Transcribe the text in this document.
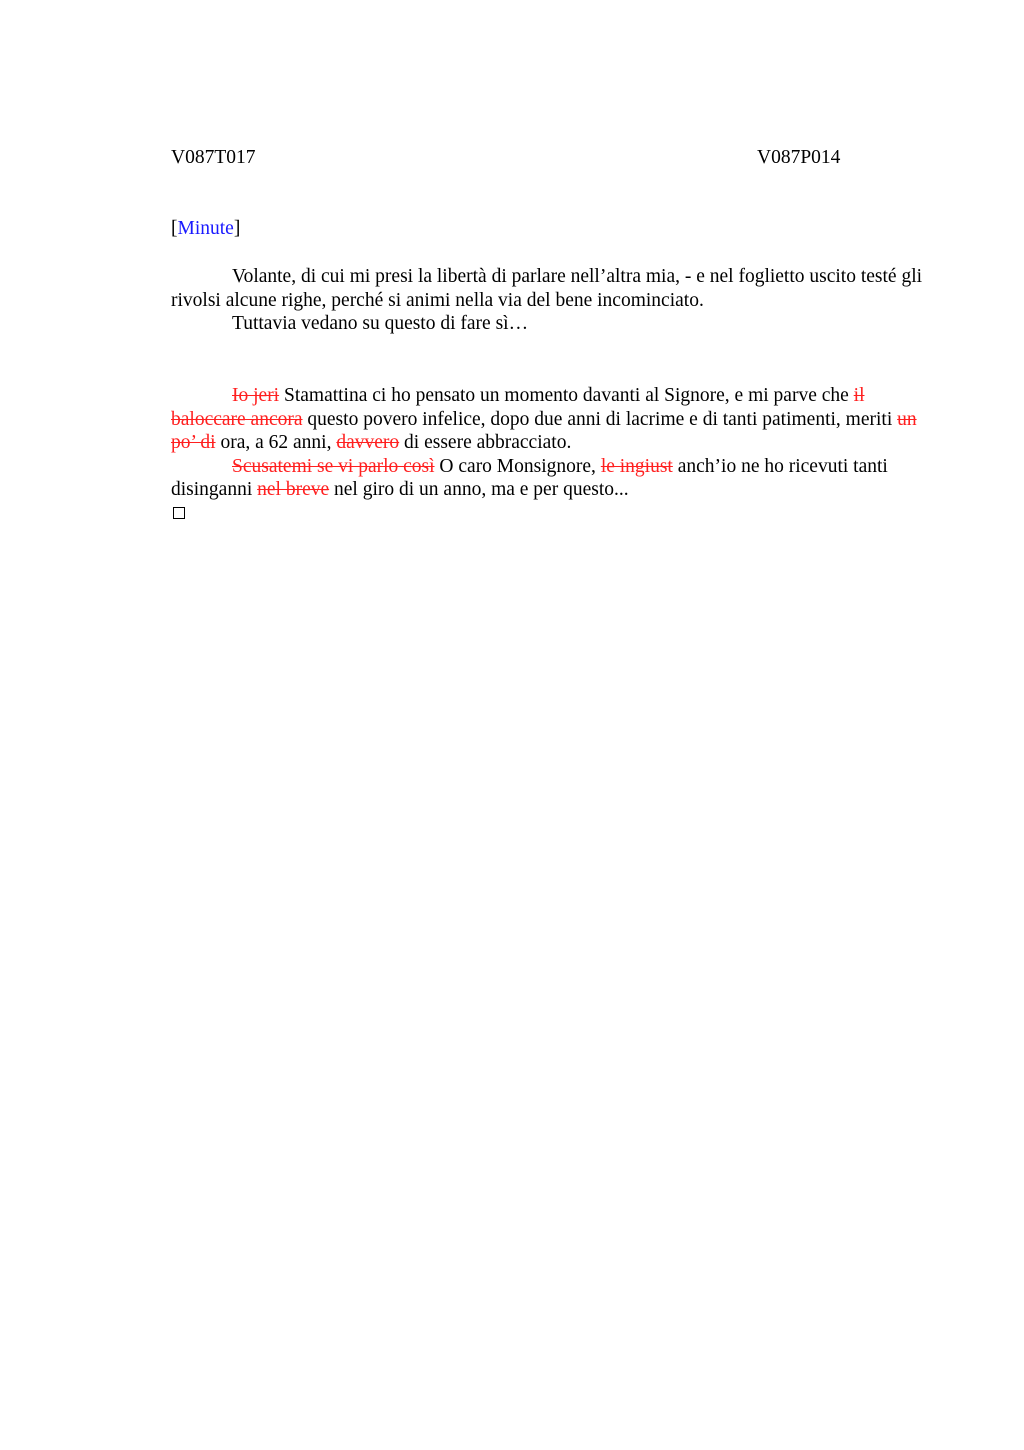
V087T017	V087P014
[Minute]

Volante, di cui mi presi la libertà di parlare nell’altra mia, - e nel foglietto uscito testé gli rivolsi alcune righe, perché si animi nella via del bene incominciato.

Tuttavia vedano su questo di fare sì…

Io jeri Stamattina ci ho pensato un momento davanti al Signore, e mi parve che il baloccare ancora questo povero infelice, dopo due anni di lacrime e di tanti patimenti, meriti un po’ di ora, a 62 anni, davvero di essere abbracciato.

Scusatemi se vi parlo così O caro Monsignore, le ingiust anch’io ne ho ricevuti tanti disinganni nel breve nel giro di un anno, ma e per questo...
